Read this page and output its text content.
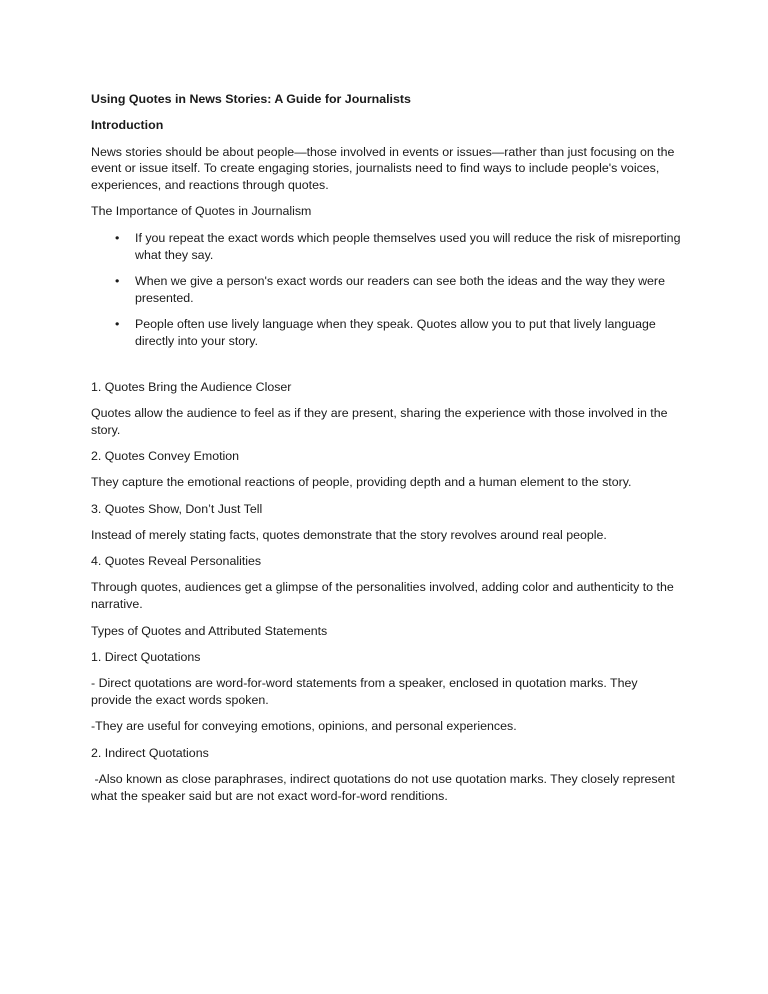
Using Quotes in News Stories: A Guide for Journalists

Introduction

News stories should be about people—those involved in events or issues—rather than just focusing on the event or issue itself. To create engaging stories, journalists need to find ways to include people's voices, experiences, and reactions through quotes.

The Importance of Quotes in Journalism

• If you repeat the exact words which people themselves used you will reduce the risk of misreporting what they say.
• When we give a person's exact words our readers can see both the ideas and the way they were presented.
• People often use lively language when they speak. Quotes allow you to put that lively language directly into your story.

1. Quotes Bring the Audience Closer

Quotes allow the audience to feel as if they are present, sharing the experience with those involved in the story.

2. Quotes Convey Emotion

They capture the emotional reactions of people, providing depth and a human element to the story.

3. Quotes Show, Don’t Just Tell

Instead of merely stating facts, quotes demonstrate that the story revolves around real people.

4. Quotes Reveal Personalities

Through quotes, audiences get a glimpse of the personalities involved, adding color and authenticity to the narrative.

Types of Quotes and Attributed Statements

1. Direct Quotations

- Direct quotations are word-for-word statements from a speaker, enclosed in quotation marks. They provide the exact words spoken.

-They are useful for conveying emotions, opinions, and personal experiences.

2. Indirect Quotations

-Also known as close paraphrases, indirect quotations do not use quotation marks. They closely represent what the speaker said but are not exact word-for-word renditions.
